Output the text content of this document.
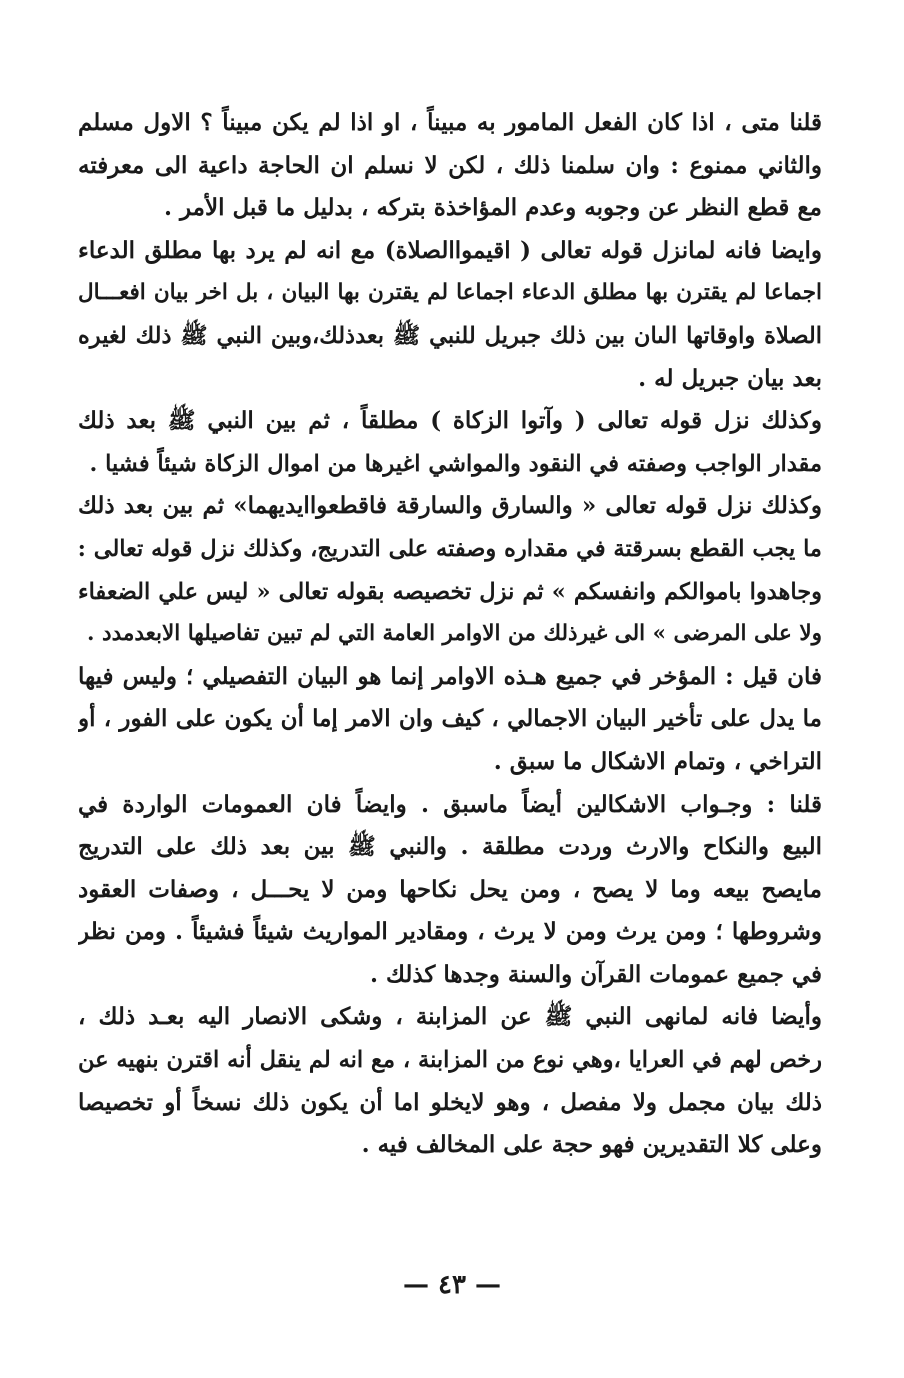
قلنا متى ، اذا كان الفعل المامور به مبيناً ، او اذا لم يكن مبيناً ؟ الاول مسلم
والثاني ممنوع : وان سلمنا ذلك ، لكن لا نسلم ان الحاجة داعية الى معرفته
مع قطع النظر عن وجوبه وعدم المؤاخذة بتركه ، بدليل ما قبل الأمر .
وايضا فانه لمانزل قوله تعالى ( اقيمواالصلاة) مع انه لم يرد بها مطلق الدعاء
اجماعا لم يقترن بها مطلق الدعاء اجماعا لم يقترن بها البيان ، بل اخر بيان افعـــال
الصلاة واوقاتها الىان بين ذلك جبريل للنبي ﷺ بعدذلك،وبين النبي ﷺ ذلك لغيره
بعد بيان جبريل له .
وكذلك نزل قوله تعالى ( وآتوا الزكاة ) مطلقاً ، ثم بين النبي ﷺ بعد ذلك
مقدار الواجب وصفته في النقود والمواشي اغيرها من اموال الزكاة شيئاً فشيا .
وكذلك نزل قوله تعالى « والسارق والسارقة فاقطعواايديهما» ثم بين بعد ذلك
ما يجب القطع بسرقتة في مقداره وصفته على التدريج، وكذلك نزل قوله تعالى :
وجاهدوا باموالكم وانفسكم » ثم نزل تخصيصه بقوله تعالى « ليس علي الضعفاء
ولا على المرضى » الى غيرذلك من الاوامر العامة التي لم تبين تفاصيلها الابعدمدد .
فان قيل : المؤخر في جميع هـذه الاوامر إنما هو البيان التفصيلي ؛ وليس فيها
ما يدل على تأخير البيان الاجمالي ، كيف وان الامر إما أن يكون على الفور ، أو
التراخي ، وتمام الاشكال ما سبق .
قلنا : وجـواب الاشكالين أيضاً ماسبق . وايضاً فان العمومات الواردة في
البيع والنكاح والارث وردت مطلقة . والنبي ﷺ بين بعد ذلك على التدريج
مايصح بيعه وما لا يصح ، ومن يحل نكاحها ومن لا يحـــل ، وصفات العقود
وشروطها ؛ ومن يرث ومن لا يرث ، ومقادير المواريث شيئاً فشيئاً . ومن نظر
في جميع عمومات القرآن والسنة وجدها كذلك .
وأيضا فانه لمانهى النبي ﷺ عن المزابنة ، وشكى الانصار اليه بعـد ذلك ،
رخص لهم في العرايا ،وهي نوع من المزابنة ، مع انه لم ينقل أنه اقترن بنهيه عن
ذلك بيان مجمل ولا مفصل ، وهو لايخلو اما أن يكون ذلك نسخاً أو تخصيصا
وعلى كلا التقديرين فهو حجة على المخالف فيه .
— ٤٣ —
